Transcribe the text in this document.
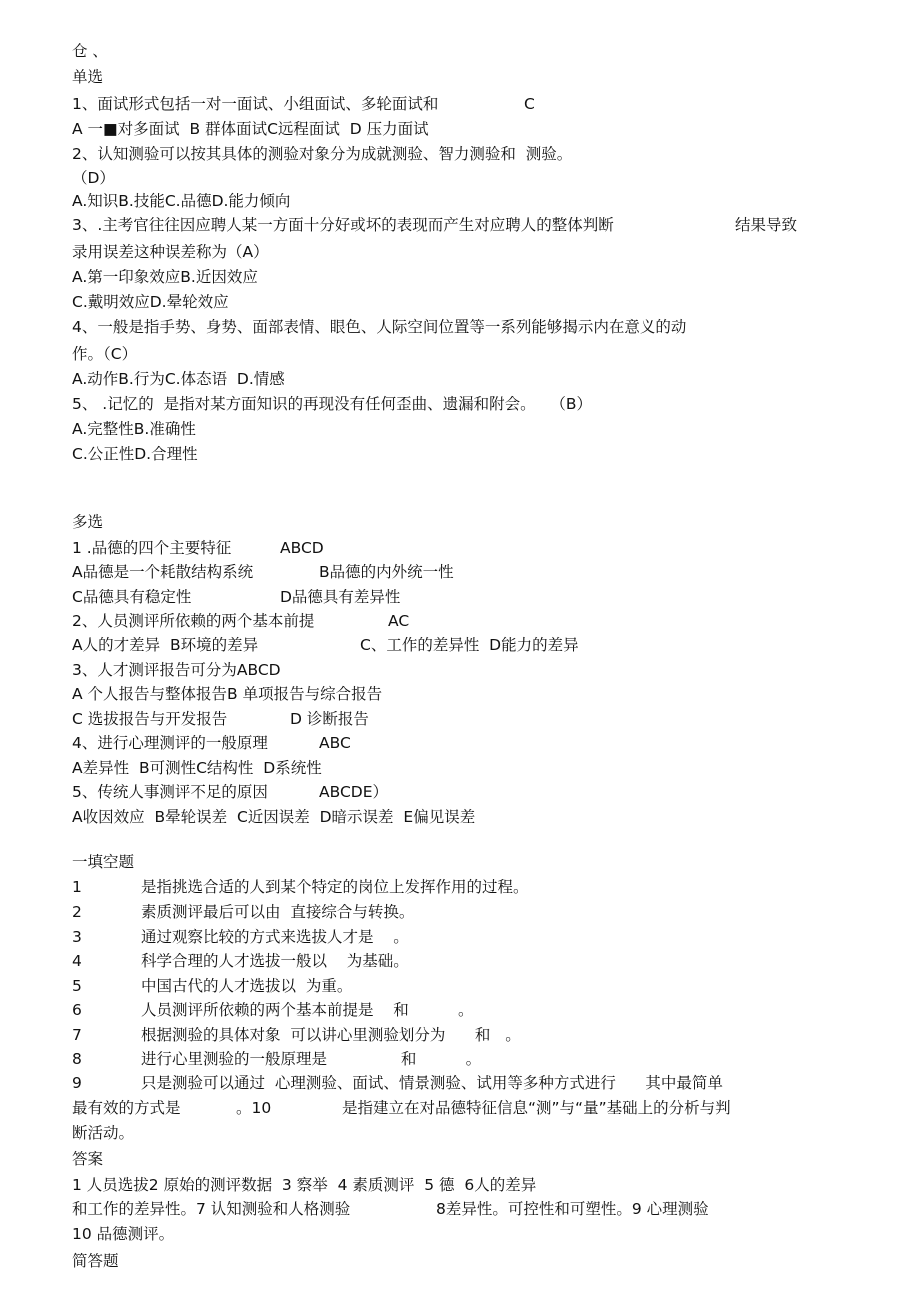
仓 、
单选
1、面试形式包括一对一面试、小组面试、多轮面试和	C
A 一■对多面试  B 群体面试C远程面试  D 压力面试
2、认知测验可以按其具体的测验对象分为成就测验、智力测验和  测验。
（D）
A.知识B.技能C.品德D.能力倾向
3、.主考官往往因应聘人某一方面十分好或坏的表现而产生对应聘人的整体判断	结果导致
录用误差这种误差称为（A）
A.第一印象效应B.近因效应
C.戴明效应D.晕轮效应
4、一般是指手势、身势、面部表情、眼色、人际空间位置等一系列能够揭示内在意义的动
作。（C）
A.动作B.行为C.体态语  D.情感
5、 .记忆的  是指对某方面知识的再现没有任何歪曲、遗漏和附会。   （B）
A.完整性B.准确性
C.公正性D.合理性
多选
1 .品德的四个主要特征	ABCD
A品德是一个耗散结构系统	B品德的内外统一性
C品德具有稳定性	D品德具有差异性
2、人员测评所依赖的两个基本前提	AC
A人的才差异  B环境的差异	C、工作的差异性  D能力的差异
3、人才测评报告可分为ABCD
A 个人报告与整体报告B 单项报告与综合报告
C 选拔报告与开发报告	D 诊断报告
4、进行心理测评的一般原理	ABC
A差异性  B可测性C结构性  D系统性
5、传统人事测评不足的原因	ABCDE）
A收因效应  B晕轮误差  C近因误差  D暗示误差  E偏见误差
一填空题
1	是指挑选合适的人到某个特定的岗位上发挥作用的过程。
2	素质测评最后可以由  直接综合与转换。
3	通过观察比较的方式来选拔人才是    。
4	科学合理的人才选拔一般以    为基础。
5	中国古代的人才选拔以  为重。
6	人员测评所依赖的两个基本前提是    和          。
7	根据测验的具体对象  可以讲心里测验划分为      和   。
8	进行心里测验的一般原理是               和          。
9	只是测验可以通过  心理测验、面试、情景测验、试用等多种方式进行      其中最简单
最有效的方式是	。10	是指建立在对品德特征信息“测”与“量”基础上的分析与判
断活动。
答案
1 人员选拔2 原始的测评数据  3 察举  4 素质测评  5 德  6人的差异
和工作的差异性。7 认知测验和人格测验	8差异性。可控性和可塑性。9 心理测验
10 品德测评。
简答题
